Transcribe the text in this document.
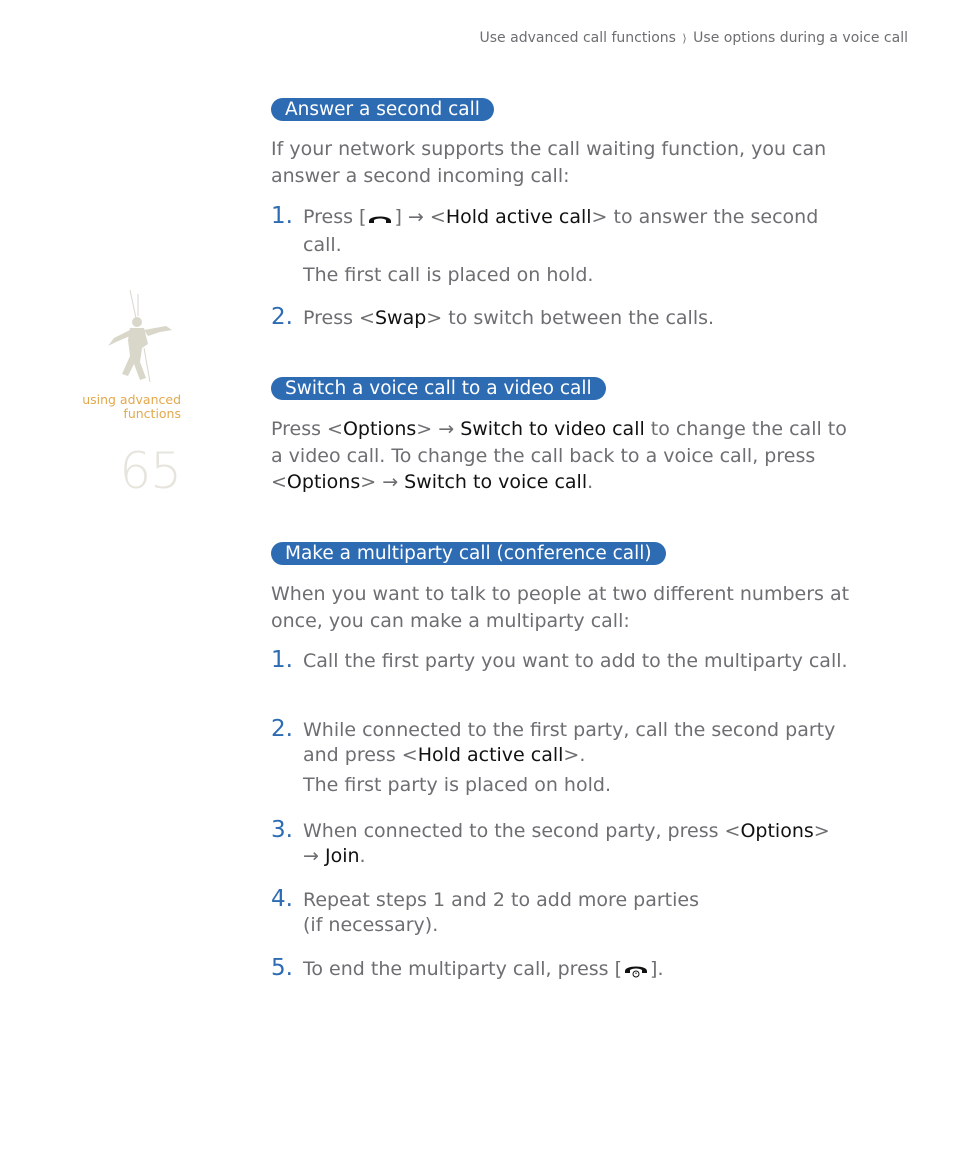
Use advanced call functions ⟩ Use options during a voice call
using advanced
functions
65
Answer a second call
If your network supports the call waiting function, you can answer a second incoming call:
1. Press [ ] → <Hold active call> to answer the second call.
The first call is placed on hold.
2. Press <Swap> to switch between the calls.
Switch a voice call to a video call
Press <Options> → Switch to video call to change the call to a video call. To change the call back to a voice call, press <Options> → Switch to voice call.
Make a multiparty call (conference call)
When you want to talk to people at two different numbers at once, you can make a multiparty call:
1. Call the first party you want to add to the multiparty call.
2. While connected to the first party, call the second party and press <Hold active call>.
The first party is placed on hold.
3. When connected to the second party, press <Options> → Join.
4. Repeat steps 1 and 2 to add more parties
(if necessary).
5. To end the multiparty call, press [ ].
